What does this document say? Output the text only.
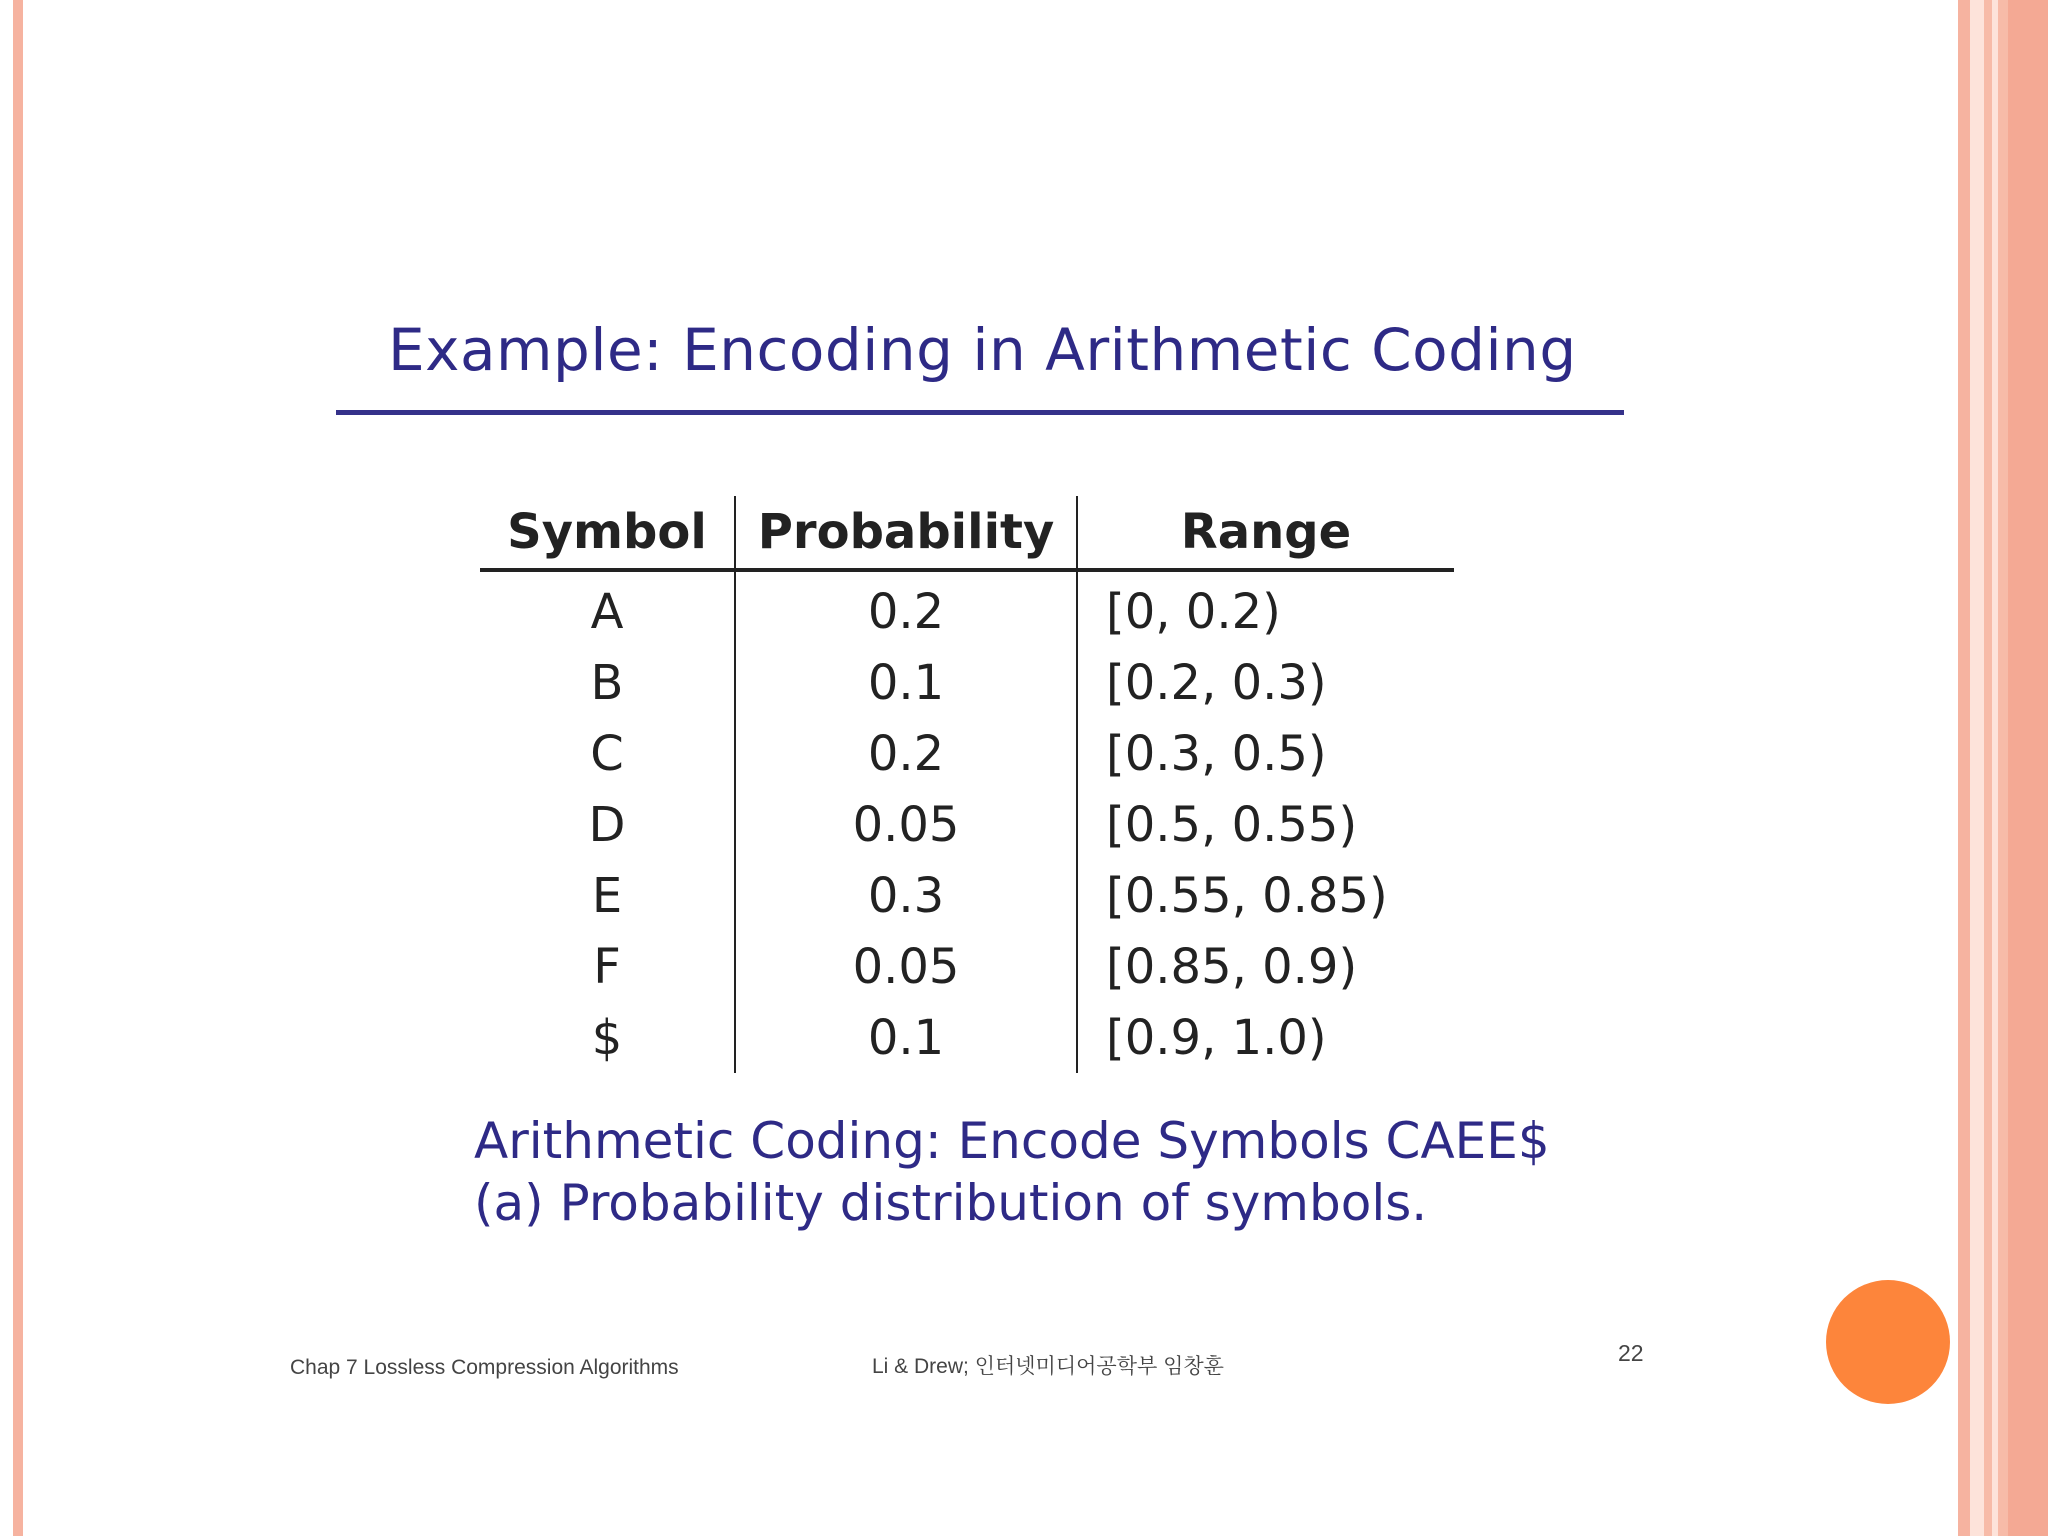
Example: Encoding in Arithmetic Coding
Symbol	Probability	Range
A	0.2	[0, 0.2)
B	0.1	[0.2, 0.3)
C	0.2	[0.3, 0.5)
D	0.05	[0.5, 0.55)
E	0.3	[0.55, 0.85)
F	0.05	[0.85, 0.9)
$	0.1	[0.9, 1.0)
Arithmetic Coding: Encode Symbols CAEE$
(a) Probability distribution of symbols.
Chap 7 Lossless Compression Algorithms	Li & Drew; 인터넷미디어공학부 임창훈
22
